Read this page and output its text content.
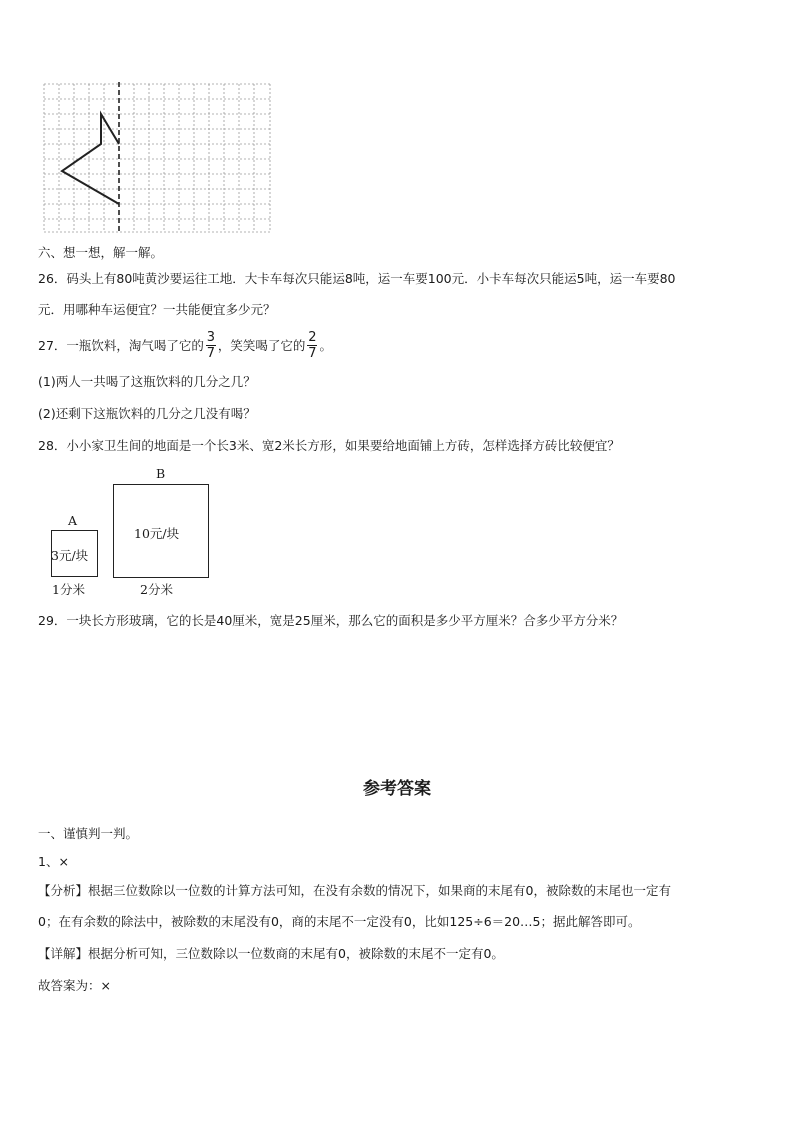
六、想一想，解一解。
26．码头上有80吨黄沙要运往工地．大卡车每次只能运8吨，运一车要100元．小卡车每次只能运5吨，运一车要80
元．用哪种车运便宜？一共能便宜多少元？
27．一瓶饮料，淘气喝了它的 $\frac{3}{7}$ ，笑笑喝了它的 $\frac{2}{7}$ 。
(1)两人一共喝了这瓶饮料的几分之几？
(2)还剩下这瓶饮料的几分之几没有喝？
28．小小家卫生间的地面是一个长3米、宽2米长方形，如果要给地面铺上方砖，怎样选择方砖比较便宜？
A
3元/块
1分米
B
10元/块
2分米
29．一块长方形玻璃，它的长是40厘米，宽是25厘米，那么它的面积是多少平方厘米？合多少平方分米？
参考答案
一、谨慎判一判。
1、×
【分析】根据三位数除以一位数的计算方法可知，在没有余数的情况下，如果商的末尾有0，被除数的末尾也一定有
0；在有余数的除法中，被除数的末尾没有0，商的末尾不一定没有0，比如125÷6＝20…5；据此解答即可。
【详解】根据分析可知，三位数除以一位数商的末尾有0，被除数的末尾不一定有0。
故答案为：×
